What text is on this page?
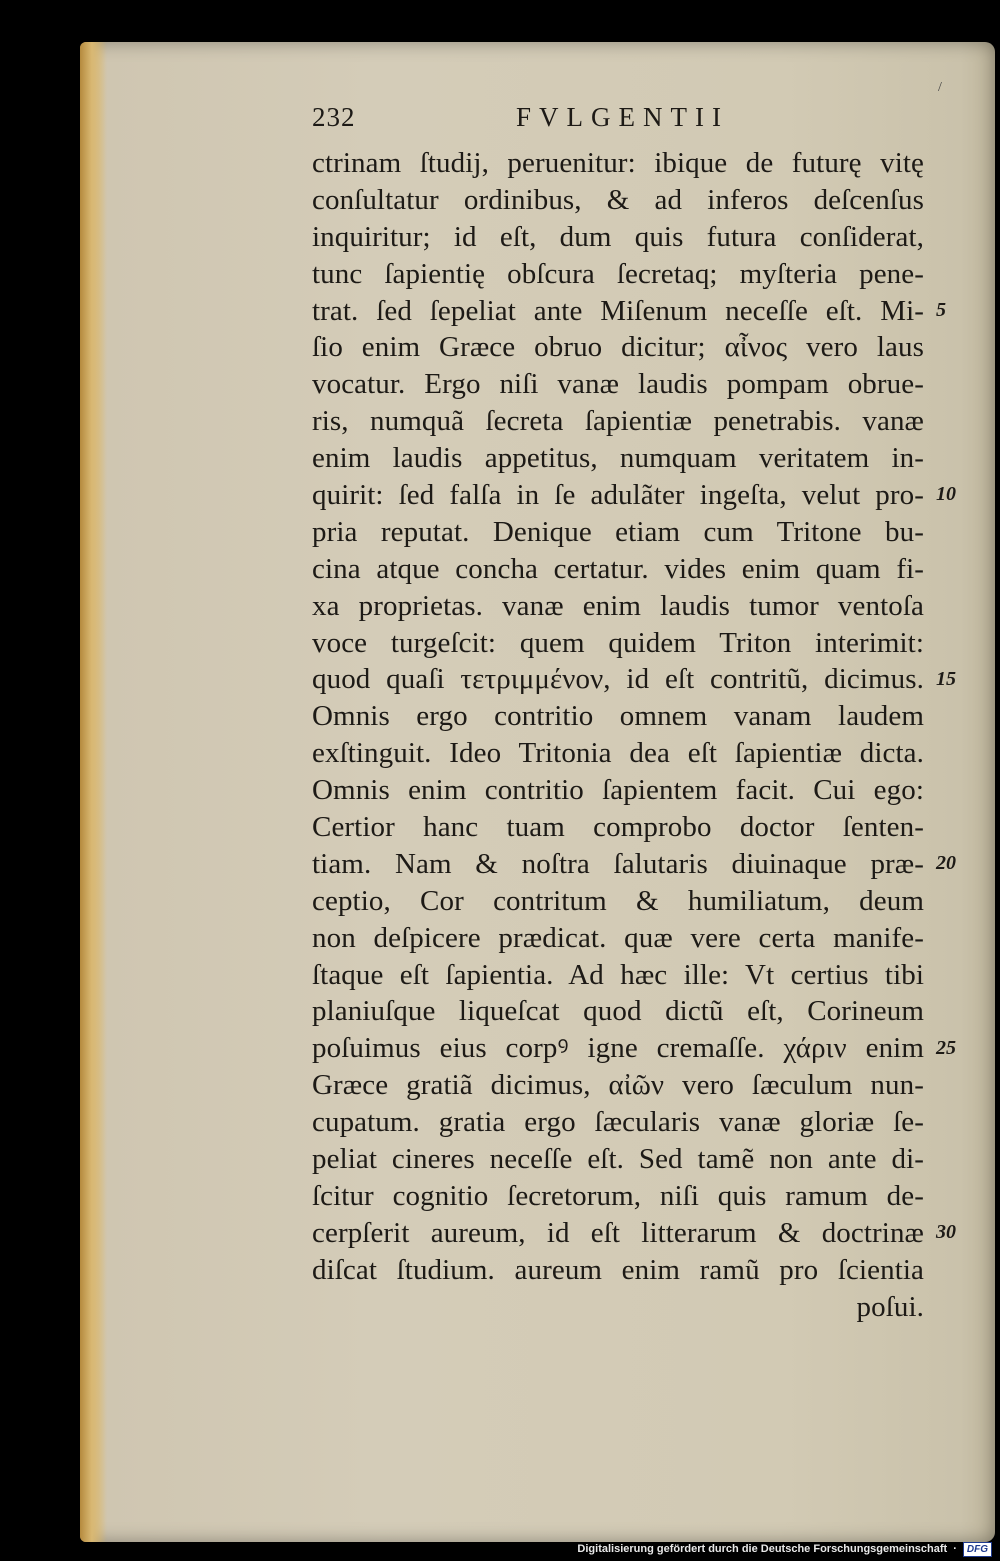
/
232	FVLGENTII
ctrinam ſtudij, peruenitur: ibique de futurę vitę
conſultatur ordinibus, & ad inferos deſcenſus
inquiritur; id eſt, dum quis futura conſiderat,
tunc ſapientię obſcura ſecretaq; myſteria pene-
trat. ſed ſepeliat ante Miſenum neceſſe eſt. Mi-
ſio enim Græce obruo dicitur; αἶνος vero laus
vocatur. Ergo niſi vanæ laudis pompam obrue-
ris, numquã ſecreta ſapientiæ penetrabis. vanæ
enim laudis appetitus, numquam veritatem in-
quirit: ſed falſa in ſe adulãter ingeſta, velut pro-
pria reputat. Denique etiam cum Tritone bu-
cina atque concha certatur. vides enim quam fi-
xa proprietas. vanæ enim laudis tumor ventoſa
voce turgeſcit: quem quidem Triton interimit:
quod quaſi τετριμμένον, id eſt contritũ, dicimus.
Omnis ergo contritio omnem vanam laudem
exſtinguit. Ideo Tritonia dea eſt ſapientiæ dicta.
Omnis enim contritio ſapientem facit. Cui ego:
Certior hanc tuam comprobo doctor ſenten-
tiam. Nam & noſtra ſalutaris diuinaque præ-
ceptio, Cor contritum & humiliatum, deum
non deſpicere prædicat. quæ vere certa manife-
ſtaque eſt ſapientia. Ad hæc ille: Vt certius tibi
planiuſque liqueſcat quod dictũ eſt, Corineum
poſuimus eius corpꝰ igne cremaſſe. χάριν enim
Græce gratiã dicimus, αἰῶν vero ſæculum nun-
cupatum. gratia ergo ſæcularis vanæ gloriæ ſe-
peliat cineres neceſſe eſt. Sed tamẽ non ante di-
ſcitur cognitio ſecretorum, niſi quis ramum de-
cerpſerit aureum, id eſt litterarum & doctrinæ
diſcat ſtudium. aureum enim ramũ pro ſcientia
poſui.
5
10
15
20
25
30
Digitalisierung gefördert durch die Deutsche Forschungsgemeinschaft ·	DFG
